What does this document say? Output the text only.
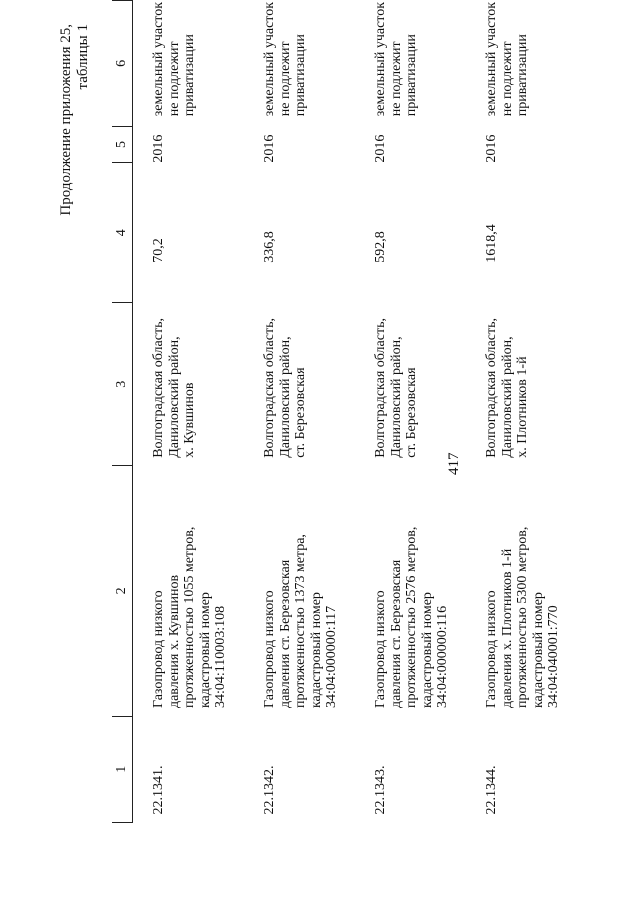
417
Продолжение приложения 25, таблицы 1
1	2	3	4	5	6
22.1341.	Газопровод низкого давления х. Кувшинов протяженностью 1055 метров, кадастровый номер 34:04:110003:108	Волгоградская область, Даниловский район, х. Кувшинов	70,2	2016	земельный участок не подлежит приватизации

22.1342.	Газопровод низкого давления ст. Березовская протяженностью 1373 метра, кадастровый номер 34:04:000000:117	Волгоградская область, Даниловский район, ст. Березовская	336,8	2016	земельный участок не подлежит приватизации

22.1343.	Газопровод низкого давления ст. Березовская протяженностью 2576 метров, кадастровый номер 34:04:000000:116	Волгоградская область, Даниловский район, ст. Березовская	592,8	2016	земельный участок не подлежит приватизации

22.1344.	Газопровод низкого давления х. Плотников 1-й протяженностью 5300 метров, кадастровый номер 34:04:040001:770	Волгоградская область, Даниловский район, х. Плотников 1-й	1618,4	2016	земельный участок не подлежит приватизации
